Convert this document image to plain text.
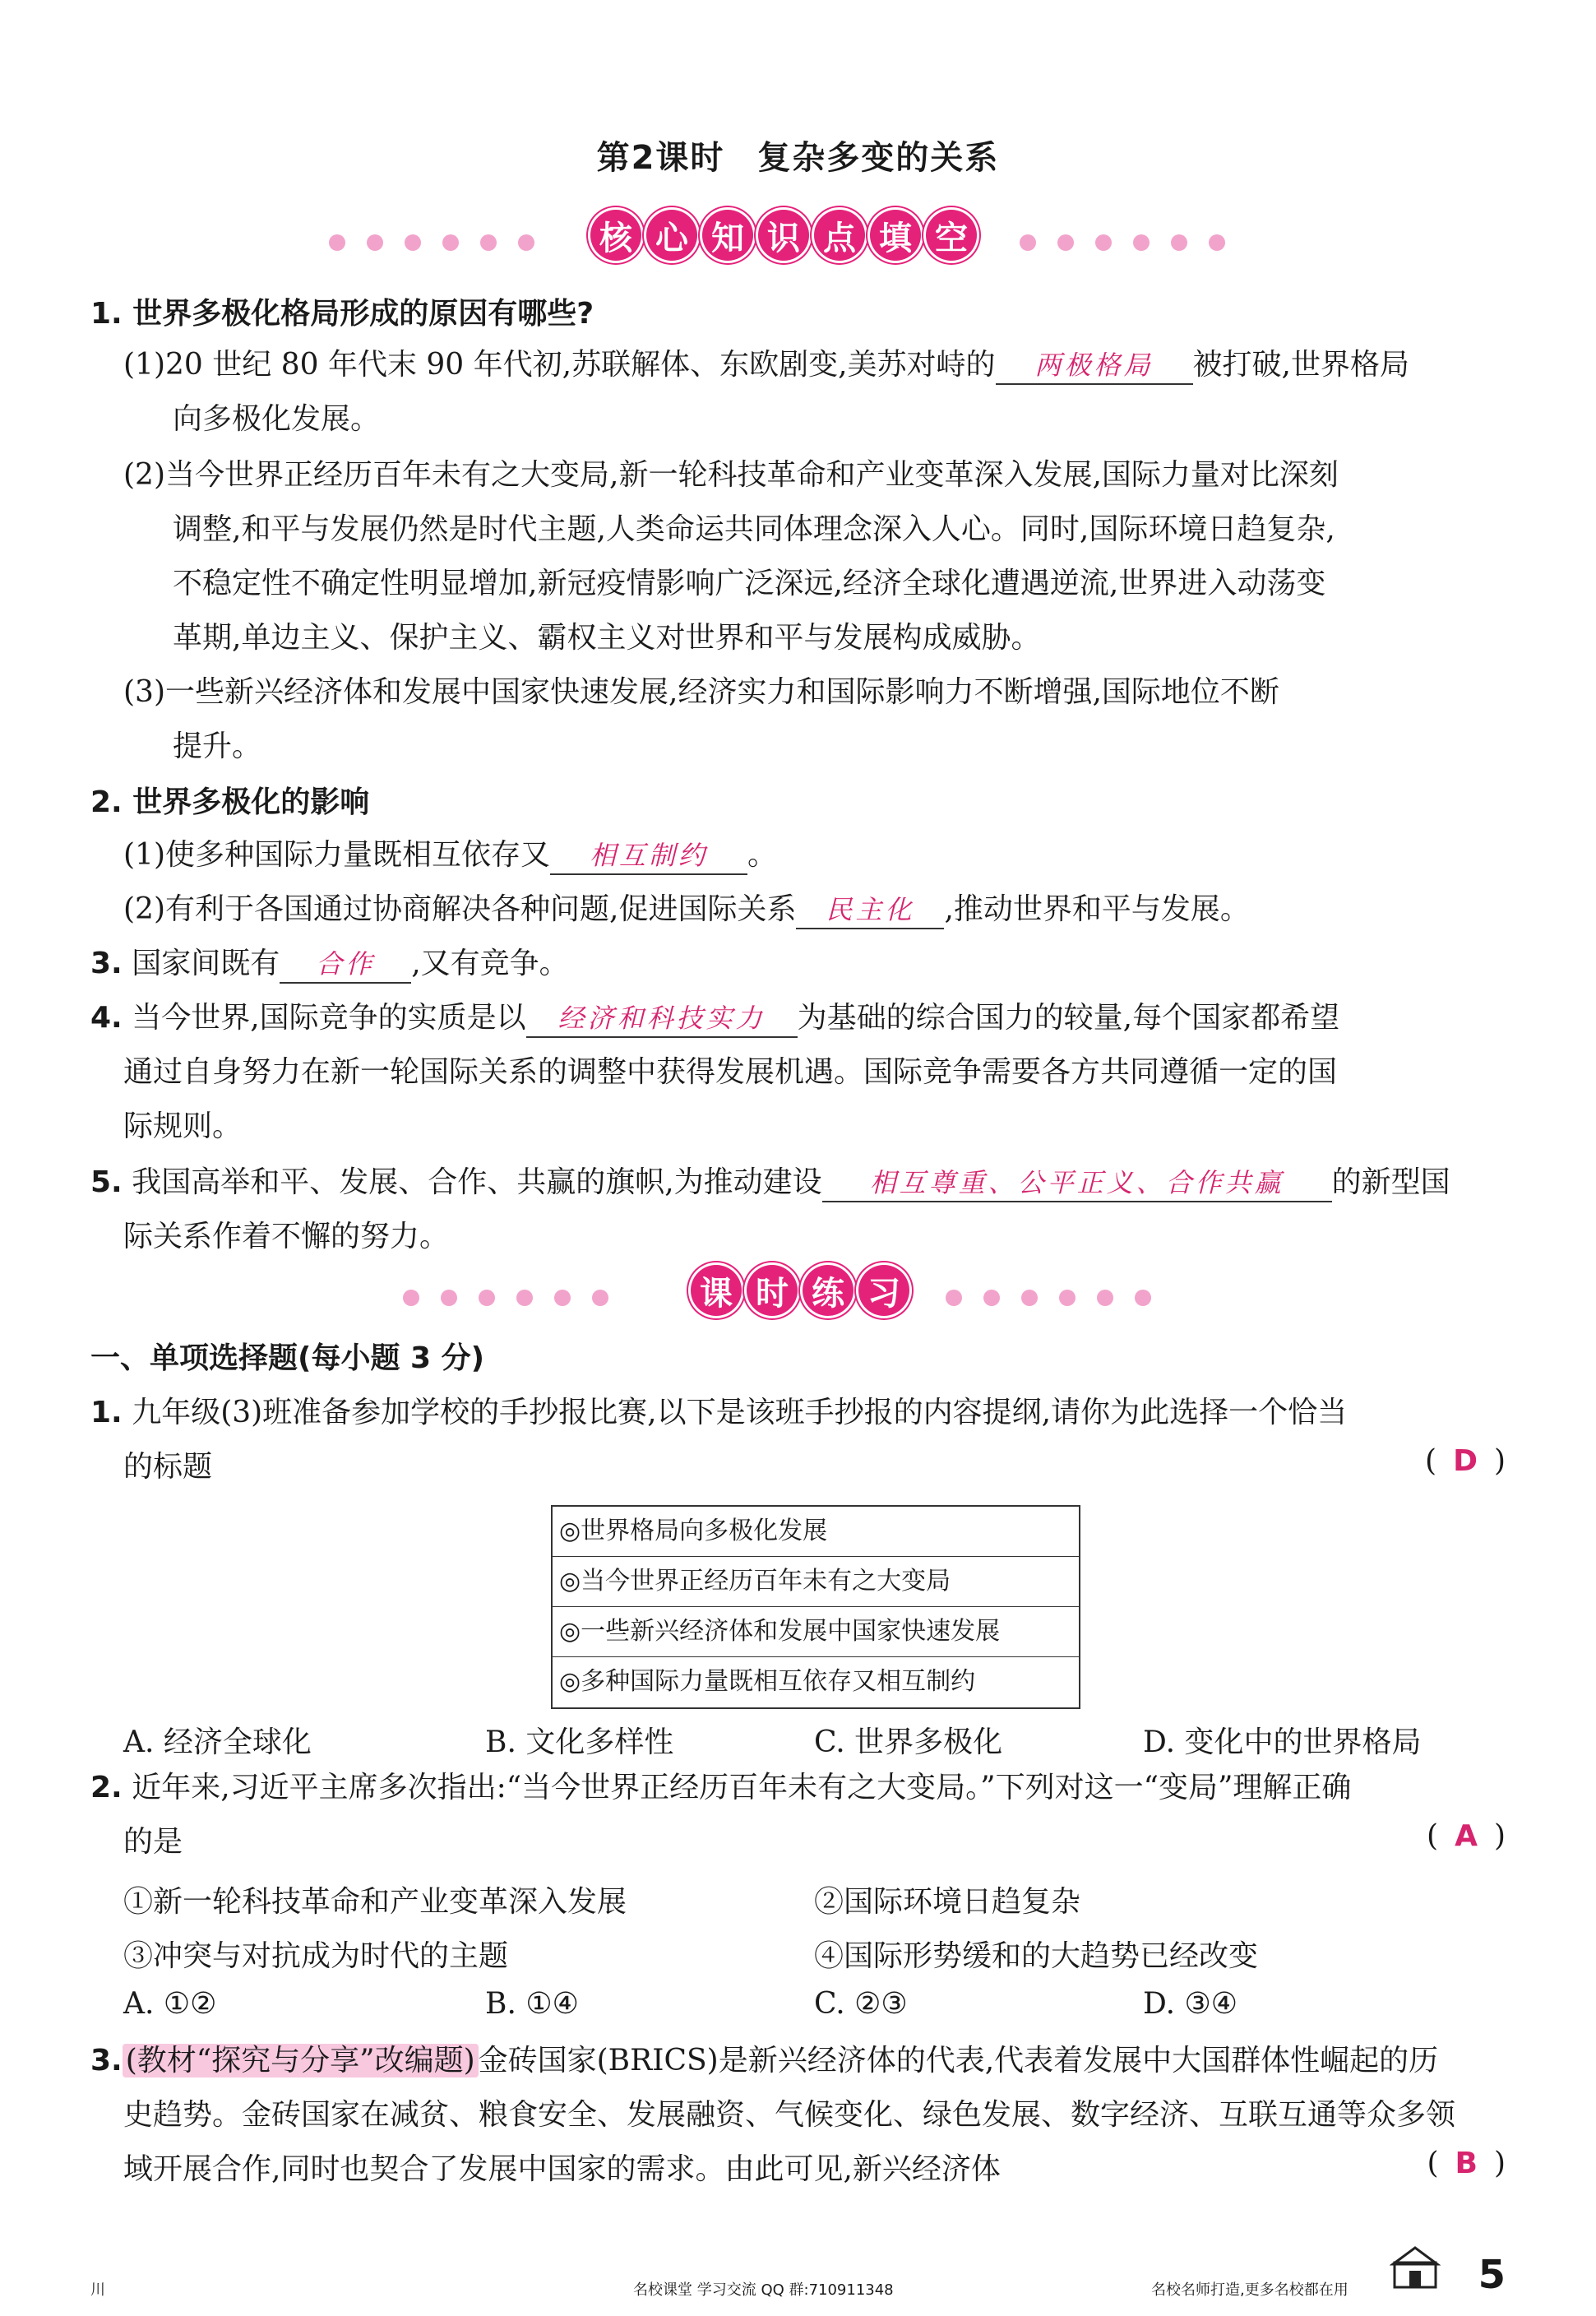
第2课时 复杂多变的关系
核 心 知 识 点 填 空
1. 世界多极化格局形成的原因有哪些?
(1)20 世纪 80 年代末 90 年代初,苏联解体、东欧剧变,美苏对峙的 两极格局 被打破,世界格局
向多极化发展。
(2)当今世界正经历百年未有之大变局,新一轮科技革命和产业变革深入发展,国际力量对比深刻
调整,和平与发展仍然是时代主题,人类命运共同体理念深入人心。同时,国际环境日趋复杂,
不稳定性不确定性明显增加,新冠疫情影响广泛深远,经济全球化遭遇逆流,世界进入动荡变
革期,单边主义、保护主义、霸权主义对世界和平与发展构成威胁。
(3)一些新兴经济体和发展中国家快速发展,经济实力和国际影响力不断增强,国际地位不断
提升。
2. 世界多极化的影响
(1)使多种国际力量既相互依存又 相互制约 。
(2)有利于各国通过协商解决各种问题,促进国际关系 民主化 ,推动世界和平与发展。
3. 国家间既有 合作 ,又有竞争。
4. 当今世界,国际竞争的实质是以 经济和科技实力 为基础的综合国力的较量,每个国家都希望
通过自身努力在新一轮国际关系的调整中获得发展机遇。国际竞争需要各方共同遵循一定的国
际规则。
5. 我国高举和平、发展、合作、共赢的旗帜,为推动建设 相互尊重、公平正义、合作共赢 的新型国
际关系作着不懈的努力。
课 时 练 习
一、单项选择题(每小题 3 分)
1. 九年级(3)班准备参加学校的手抄报比赛,以下是该班手抄报的内容提纲,请你为此选择一个恰当
的标题	( D )
◎世界格局向多极化发展
◎当今世界正经历百年未有之大变局
◎一些新兴经济体和发展中国家快速发展
◎多种国际力量既相互依存又相互制约
A. 经济全球化	B. 文化多样性	C. 世界多极化	D. 变化中的世界格局
2. 近年来,习近平主席多次指出:“当今世界正经历百年未有之大变局。”下列对这一“变局”理解正确
的是	( A )
①新一轮科技革命和产业变革深入发展	②国际环境日趋复杂
③冲突与对抗成为时代的主题	④国际形势缓和的大趋势已经改变
A. ①②	B. ①④	C. ②③	D. ③④
3. (教材“探究与分享”改编题) 金砖国家(BRICS)是新兴经济体的代表,代表着发展中大国群体性崛起的历
史趋势。金砖国家在减贫、粮食安全、发展融资、气候变化、绿色发展、数字经济、互联互通等众多领
域开展合作,同时也契合了发展中国家的需求。由此可见,新兴经济体	( B )
川	名校课堂 学习交流 QQ 群:710911348	名校名师打造,更多名校都在用	5
